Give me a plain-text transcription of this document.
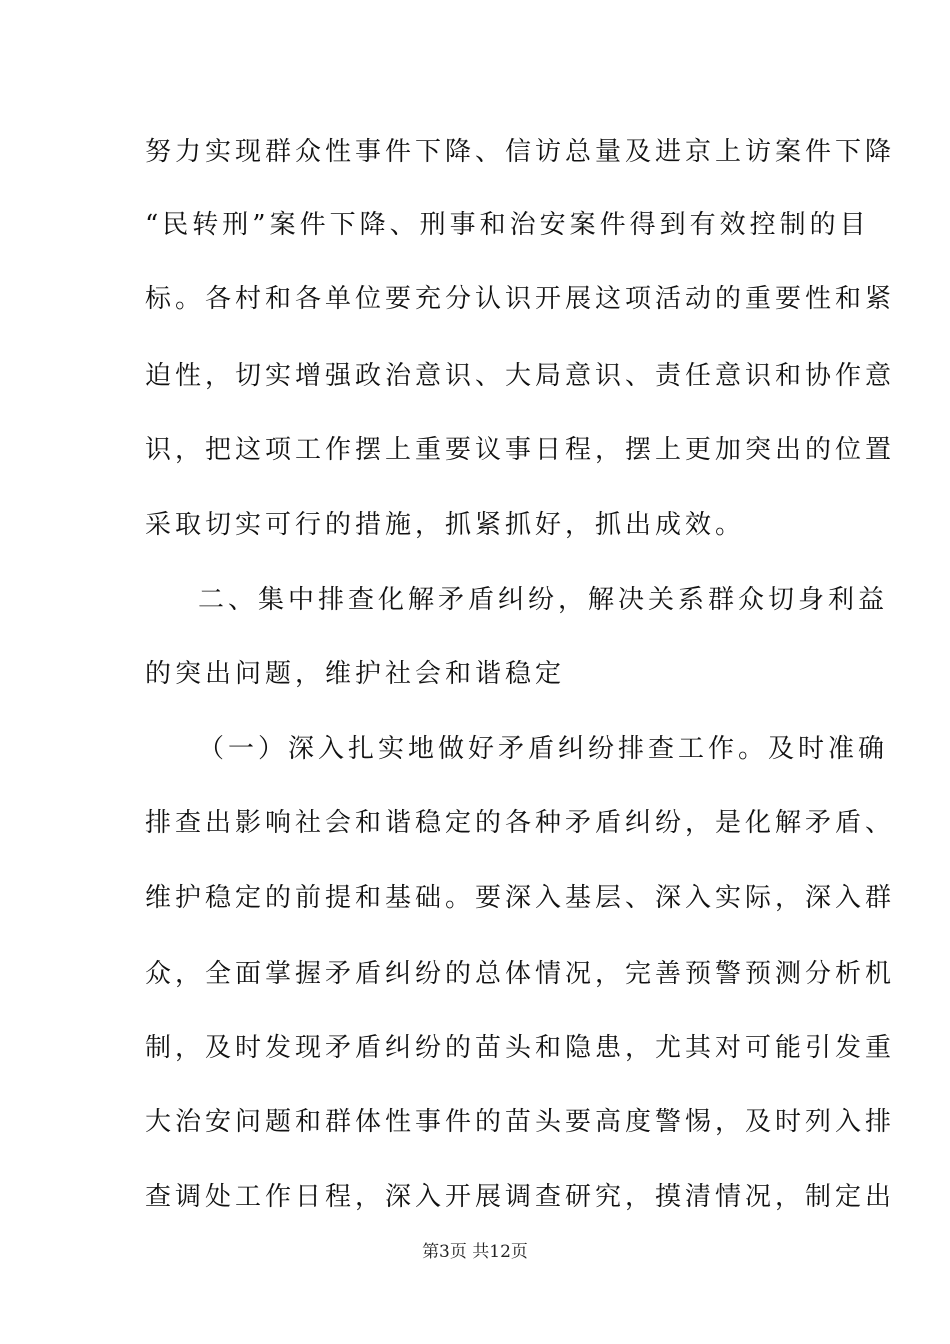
努力实现群众性事件下降、信访总量及进京上访案件下降
“民转刑”案件下降、刑事和治安案件得到有效控制的目
标。各村和各单位要充分认识开展这项活动的重要性和紧
迫性，切实增强政治意识、大局意识、责任意识和协作意
识，把这项工作摆上重要议事日程，摆上更加突出的位置
采取切实可行的措施，抓紧抓好，抓出成效。
二、集中排查化解矛盾纠纷，解决关系群众切身利益
的突出问题，维护社会和谐稳定
（一）深入扎实地做好矛盾纠纷排查工作。及时准确
排查出影响社会和谐稳定的各种矛盾纠纷，是化解矛盾、
维护稳定的前提和基础。要深入基层、深入实际，深入群
众，全面掌握矛盾纠纷的总体情况，完善预警预测分析机
制，及时发现矛盾纠纷的苗头和隐患，尤其对可能引发重
大治安问题和群体性事件的苗头要高度警惕，及时列入排
查调处工作日程，深入开展调查研究，摸清情况，制定出
第3页 共12页
